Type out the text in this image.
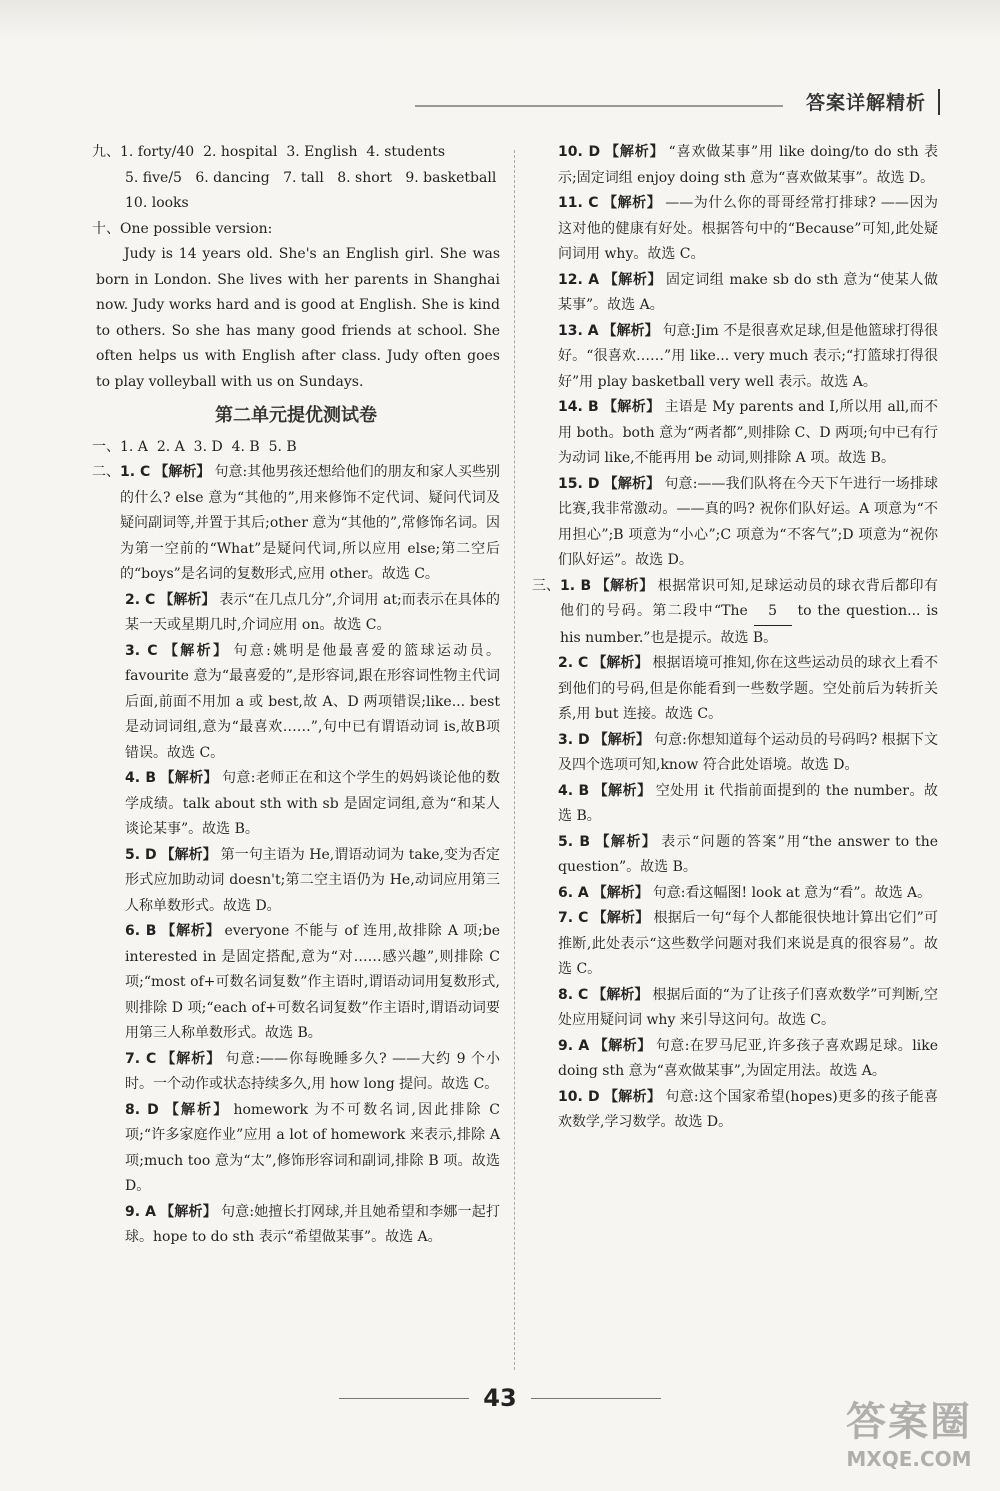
答案详解精析
九、 1. forty/40
2. hospital
3. English
4. students
5. five/5 6. dancing 7. tall 8. short 9. basketball
10. looks
十、 One possible version:
Judy is 14 years old. She's an English girl. She was born in London. She lives with her parents in Shanghai now. Judy works hard and is good at English. She is kind to others. So she has many good friends at school. She often helps us with English after class. Judy often goes to play volleyball with us on Sundays.
第二单元提优测试卷
一、 1. A
2. A
3. D
4. B
5. B
二、 1. C 【解析】 句意:其他男孩还想给他们的朋友和家人买些别的什么? else 意为“其他的”,用来修饰不定代词、疑问代词及疑问副词等,并置于其后;other 意为“其他的”,常修饰名词。因为第一空前的“What”是疑问代词,所以应用 else;第二空后的“boys”是名词的复数形式,应用 other。故选 C。
2. C 【解析】 表示“在几点几分”,介词用 at;而表示在具体的某一天或星期几时,介词应用 on。故选 C。
3. C 【解析】 句意:姚明是他最喜爱的篮球运动员。favourite 意为“最喜爱的”,是形容词,跟在形容词性物主代词后面,前面不用加 a 或 best,故 A、D 两项错误;like... best 是动词词组,意为“最喜欢……”,句中已有谓语动词 is,故B项错误。故选 C。
4. B 【解析】 句意:老师正在和这个学生的妈妈谈论他的数学成绩。talk about sth with sb 是固定词组,意为“和某人谈论某事”。故选 B。
5. D 【解析】 第一句主语为 He,谓语动词为 take,变为否定形式应加助动词 doesn't;第二空主语仍为 He,动词应用第三人称单数形式。故选 D。
6. B 【解析】 everyone 不能与 of 连用,故排除 A 项;be interested in 是固定搭配,意为“对……感兴趣”,则排除 C 项;“most of+可数名词复数”作主语时,谓语动词用复数形式,则排除 D 项;“each of+可数名词复数”作主语时,谓语动词要用第三人称单数形式。故选 B。
7. C 【解析】 句意:——你每晚睡多久? ——大约 9 个小时。一个动作或状态持续多久,用 how long 提问。故选 C。
8. D 【解析】 homework 为不可数名词,因此排除 C 项;“许多家庭作业”应用 a lot of homework 来表示,排除 A 项;much too 意为“太”,修饰形容词和副词,排除 B 项。故选 D。
9. A 【解析】 句意:她擅长打网球,并且她希望和李娜一起打球。hope to do sth 表示“希望做某事”。故选 A。
10. D 【解析】 “喜欢做某事”用 like doing/to do sth 表示;固定词组 enjoy doing sth 意为“喜欢做某事”。故选 D。
11. C 【解析】 ——为什么你的哥哥经常打排球? ——因为这对他的健康有好处。根据答句中的“Because”可知,此处疑问词用 why。故选 C。
12. A 【解析】 固定词组 make sb do sth 意为“使某人做某事”。故选 A。
13. A 【解析】 句意:Jim 不是很喜欢足球,但是他篮球打得很好。“很喜欢……”用 like... very much 表示;“打篮球打得很好”用 play basketball very well 表示。故选 A。
14. B 【解析】 主语是 My parents and I,所以用 all,而不用 both。both 意为“两者都”,则排除 C、D 两项;句中已有行为动词 like,不能再用 be 动词,则排除 A 项。故选 B。
15. D 【解析】 句意:——我们队将在今天下午进行一场排球比赛,我非常激动。——真的吗? 祝你们队好运。A 项意为“不用担心”;B 项意为“小心”;C 项意为“不客气”;D 项意为“祝你们队好运”。故选 D。
三、 1. B 【解析】 根据常识可知,足球运动员的球衣背后都印有他们的号码。第二段中“The 5 to the question... is his number.”也是提示。故选 B。
2. C 【解析】 根据语境可推知,你在这些运动员的球衣上看不到他们的号码,但是你能看到一些数学题。空处前后为转折关系,用 but 连接。故选 C。
3. D 【解析】 句意:你想知道每个运动员的号码吗? 根据下文及四个选项可知,know 符合此处语境。故选 D。
4. B 【解析】 空处用 it 代指前面提到的 the number。故选 B。
5. B 【解析】 表示“问题的答案”用“the answer to the question”。故选 B。
6. A 【解析】 句意:看这幅图! look at 意为“看”。故选 A。
7. C 【解析】 根据后一句“每个人都能很快地计算出它们”可推断,此处表示“这些数学问题对我们来说是真的很容易”。故选 C。
8. C 【解析】 根据后面的“为了让孩子们喜欢数学”可判断,空处应用疑问词 why 来引导这问句。故选 C。
9. A 【解析】 句意:在罗马尼亚,许多孩子喜欢踢足球。like doing sth 意为“喜欢做某事”,为固定用法。故选 A。
10. D 【解析】 句意:这个国家希望(hopes)更多的孩子能喜欢数学,学习数学。故选 D。
43
答案圈
MXQE.COM
